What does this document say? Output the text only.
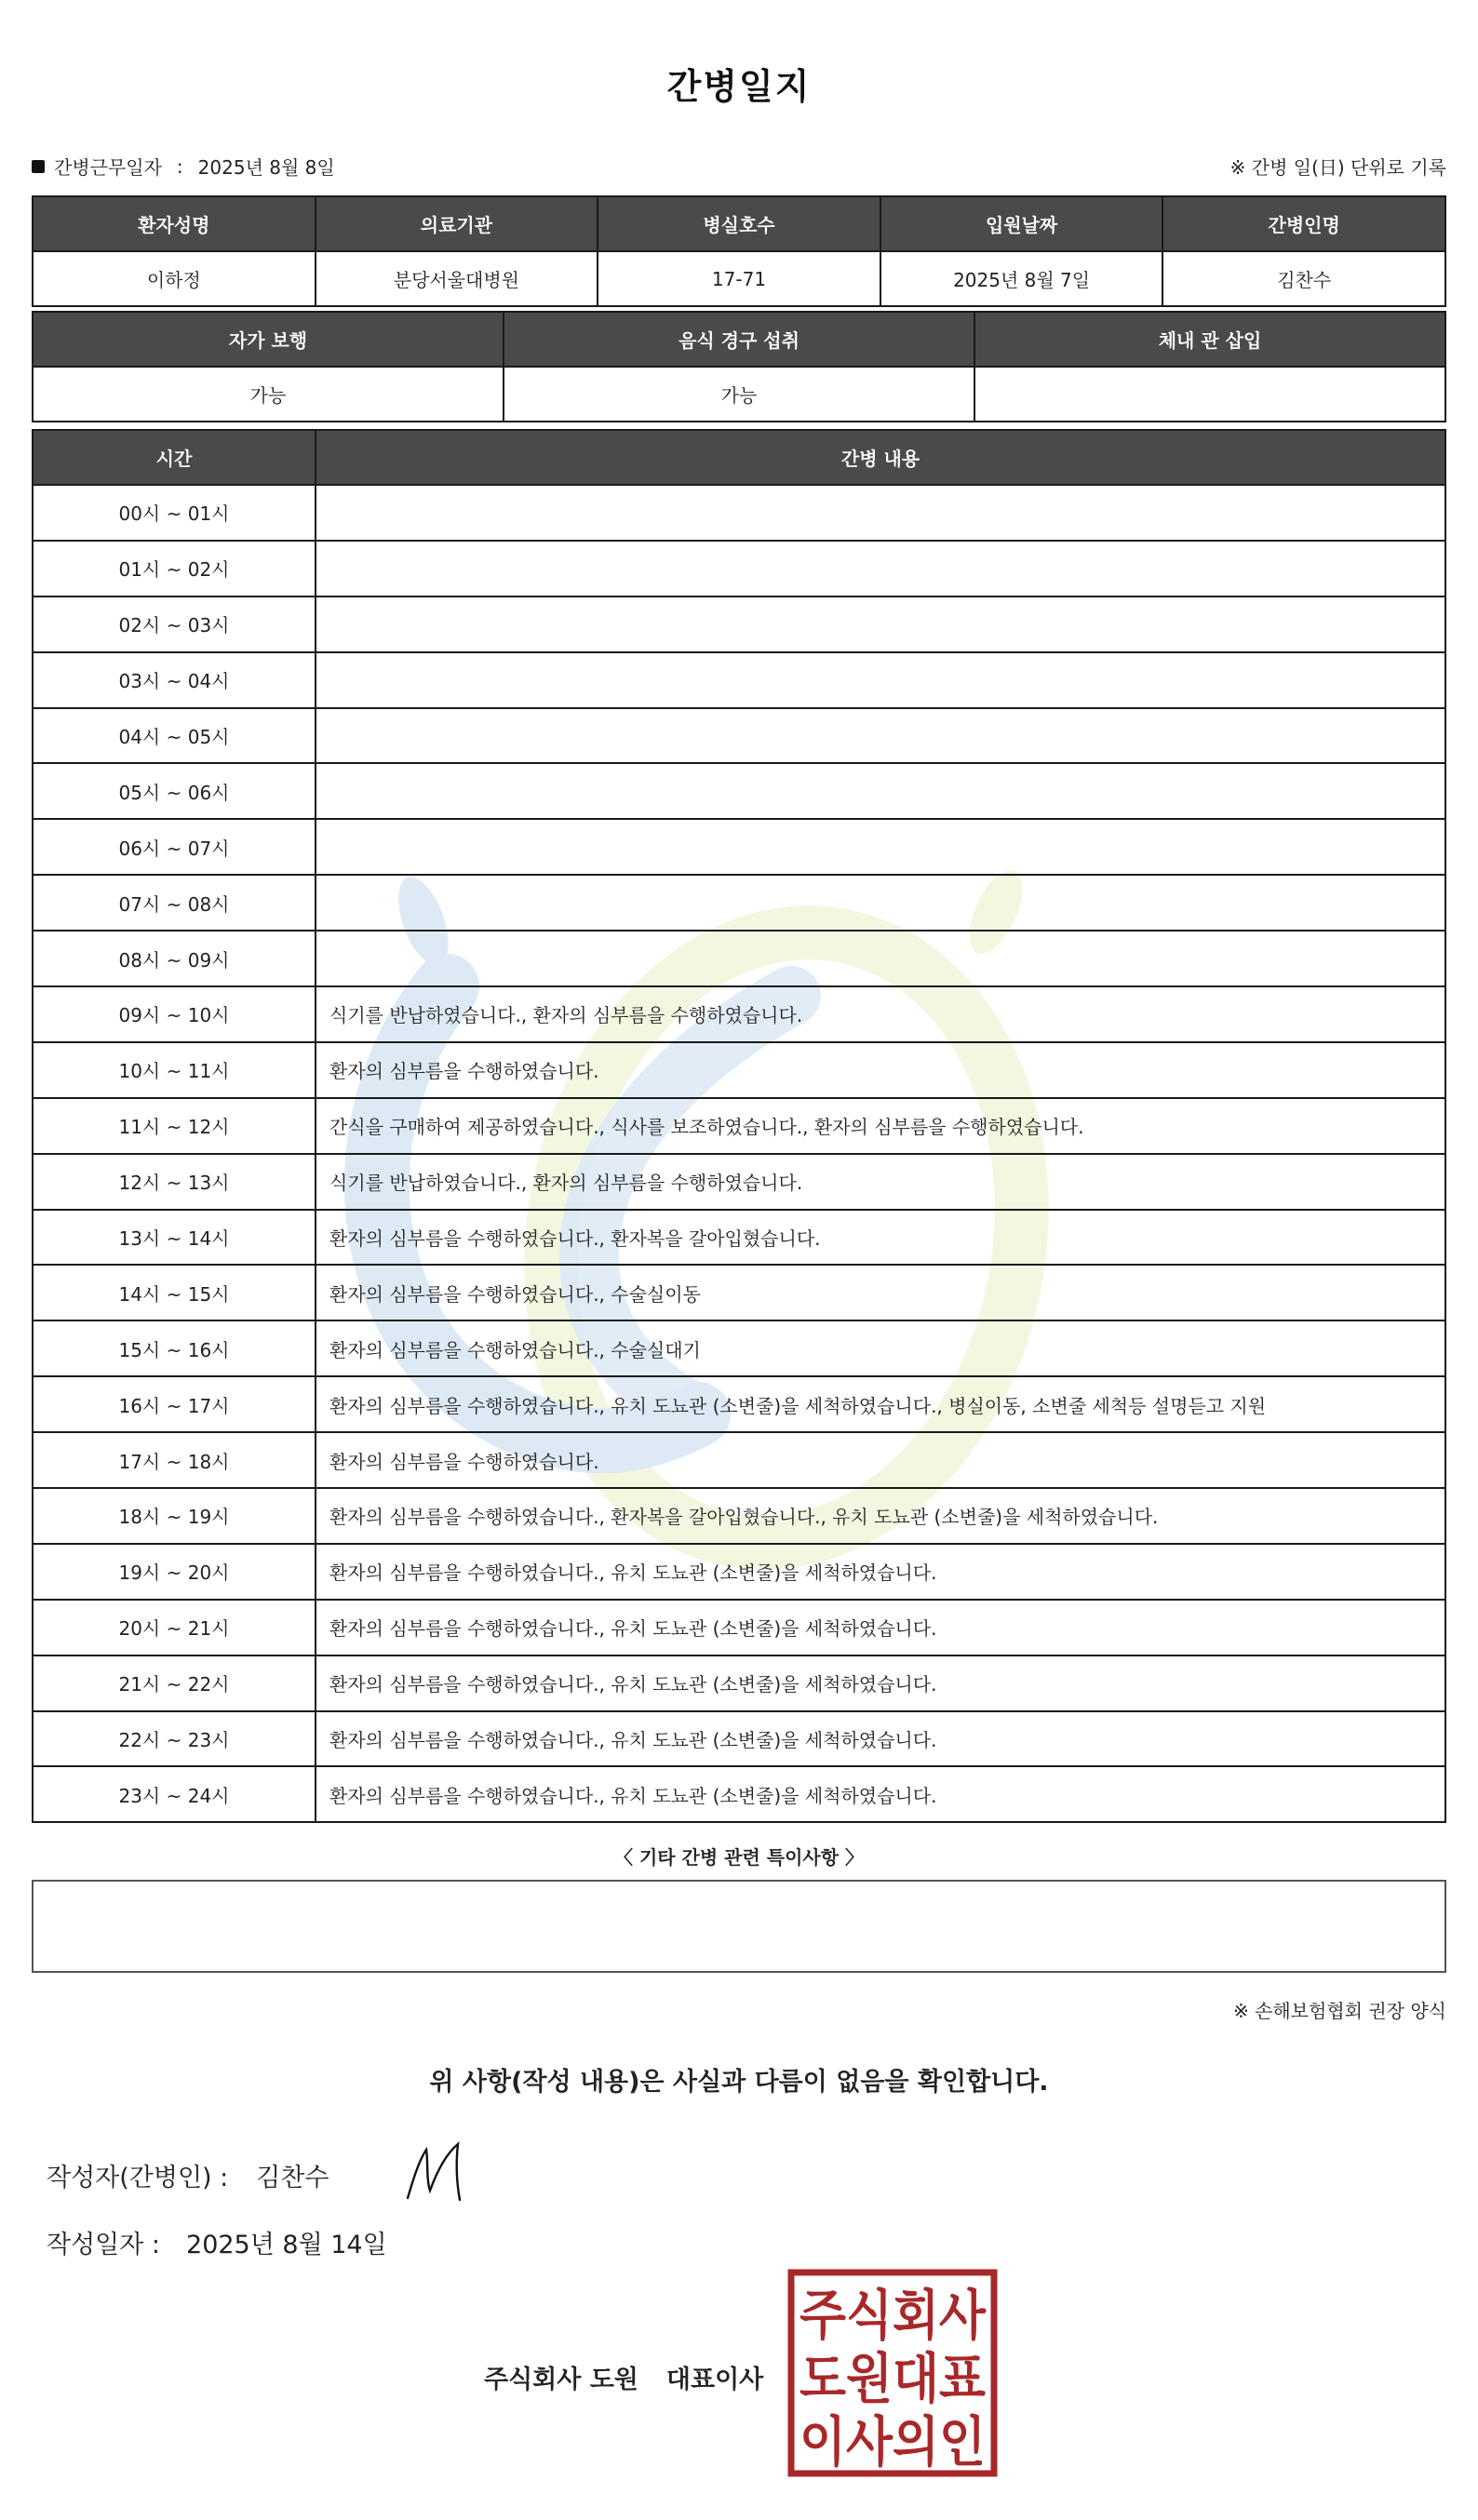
간병일지
간병근무일자 : 2025년 8월 8일	※ 간병 일(日) 단위로 기록
환자성명	의료기관	병실호수	입원날짜	간병인명
이하정	분당서울대병원	17-71	2025년 8월 7일	김찬수
자가 보행	음식 경구 섭취	체내 관 삽입
가능	가능	
시간	간병 내용
00시 ~ 01시	
01시 ~ 02시	
02시 ~ 03시	
03시 ~ 04시	
04시 ~ 05시	
05시 ~ 06시	
06시 ~ 07시	
07시 ~ 08시	
08시 ~ 09시	
09시 ~ 10시	식기를 반납하였습니다., 환자의 심부름을 수행하였습니다.
10시 ~ 11시	환자의 심부름을 수행하였습니다.
11시 ~ 12시	간식을 구매하여 제공하였습니다., 식사를 보조하였습니다., 환자의 심부름을 수행하였습니다.
12시 ~ 13시	식기를 반납하였습니다., 환자의 심부름을 수행하였습니다.
13시 ~ 14시	환자의 심부름을 수행하였습니다., 환자복을 갈아입혔습니다.
14시 ~ 15시	환자의 심부름을 수행하였습니다., 수술실이동
15시 ~ 16시	환자의 심부름을 수행하였습니다., 수술실대기
16시 ~ 17시	환자의 심부름을 수행하였습니다., 유치 도뇨관 (소변줄)을 세척하였습니다., 병실이동, 소변줄 세척등 설명듣고 지원
17시 ~ 18시	환자의 심부름을 수행하였습니다.
18시 ~ 19시	환자의 심부름을 수행하였습니다., 환자복을 갈아입혔습니다., 유치 도뇨관 (소변줄)을 세척하였습니다.
19시 ~ 20시	환자의 심부름을 수행하였습니다., 유치 도뇨관 (소변줄)을 세척하였습니다.
20시 ~ 21시	환자의 심부름을 수행하였습니다., 유치 도뇨관 (소변줄)을 세척하였습니다.
21시 ~ 22시	환자의 심부름을 수행하였습니다., 유치 도뇨관 (소변줄)을 세척하였습니다.
22시 ~ 23시	환자의 심부름을 수행하였습니다., 유치 도뇨관 (소변줄)을 세척하였습니다.
23시 ~ 24시	환자의 심부름을 수행하였습니다., 유치 도뇨관 (소변줄)을 세척하였습니다.
〈 기타 간병 관련 특이사항 〉
※ 손해보험협회 권장 양식
위 사항(작성 내용)은 사실과 다름이 없음을 확인합니다.
작성자(간병인) : 김찬수
작성일자 : 2025년 8월 14일
주식회사 도원 대표이사
주식회사
도원대표
이사의인
